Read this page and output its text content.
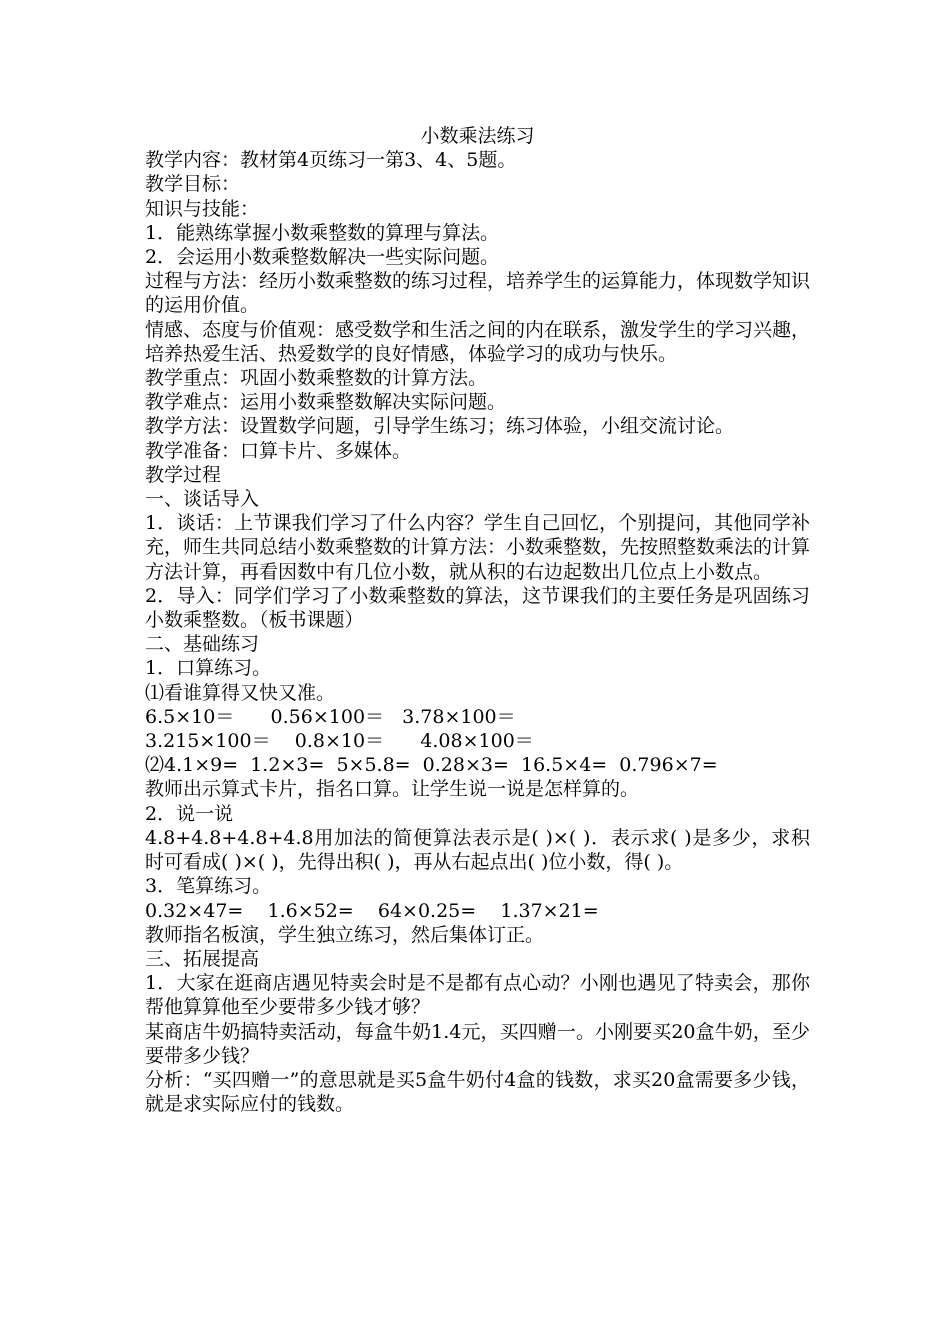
小数乘法练习
教学内容：教材第4页练习一第3、4、5题。
教学目标：
知识与技能：
1．能熟练掌握小数乘整数的算理与算法。
2．会运用小数乘整数解决一些实际问题。
过程与方法：经历小数乘整数的练习过程，培养学生的运算能力，体现数学知识的运用价值。
情感、态度与价值观：感受数学和生活之间的内在联系，激发学生的学习兴趣，培养热爱生活、热爱数学的良好情感，体验学习的成功与快乐。
教学重点：巩固小数乘整数的计算方法。
教学难点：运用小数乘整数解决实际问题。
教学方法：设置数学问题，引导学生练习；练习体验，小组交流讨论。
教学准备：口算卡片、多媒体。
教学过程
一、谈话导入
1．谈话：上节课我们学习了什么内容？学生自己回忆，个别提问，其他同学补充，师生共同总结小数乘整数的计算方法：小数乘整数，先按照整数乘法的计算方法计算，再看因数中有几位小数，就从积的右边起数出几位点上小数点。
2．导入：同学们学习了小数乘整数的算法，这节课我们的主要任务是巩固练习小数乘整数。（板书课题）
二、基础练习
1．口算练习。
⑴看谁算得又快又准。
6.5×10＝      0.56×100＝   3.78×100＝
3.215×100＝    0.8×10＝      4.08×100＝
⑵4.1×9=  1.2×3=  5×5.8=  0.28×3=  16.5×4=  0.796×7=
教师出示算式卡片，指名口算。让学生说一说是怎样算的。
2．说一说
4.8+4.8+4.8+4.8用加法的简便算法表示是( )×( )．表示求( )是多少，求积时可看成( )×( )，先得出积( )，再从右起点出( )位小数，得( )。
3．笔算练习。
0.32×47=    1.6×52=    64×0.25=    1.37×21=
教师指名板演，学生独立练习，然后集体订正。
三、拓展提高
1．大家在逛商店遇见特卖会时是不是都有点心动？小刚也遇见了特卖会，那你帮他算算他至少要带多少钱才够？
某商店牛奶搞特卖活动，每盒牛奶1.4元，买四赠一。小刚要买20盒牛奶，至少要带多少钱？
分析：“买四赠一”的意思就是买5盒牛奶付4盒的钱数，求买20盒需要多少钱，就是求实际应付的钱数。
